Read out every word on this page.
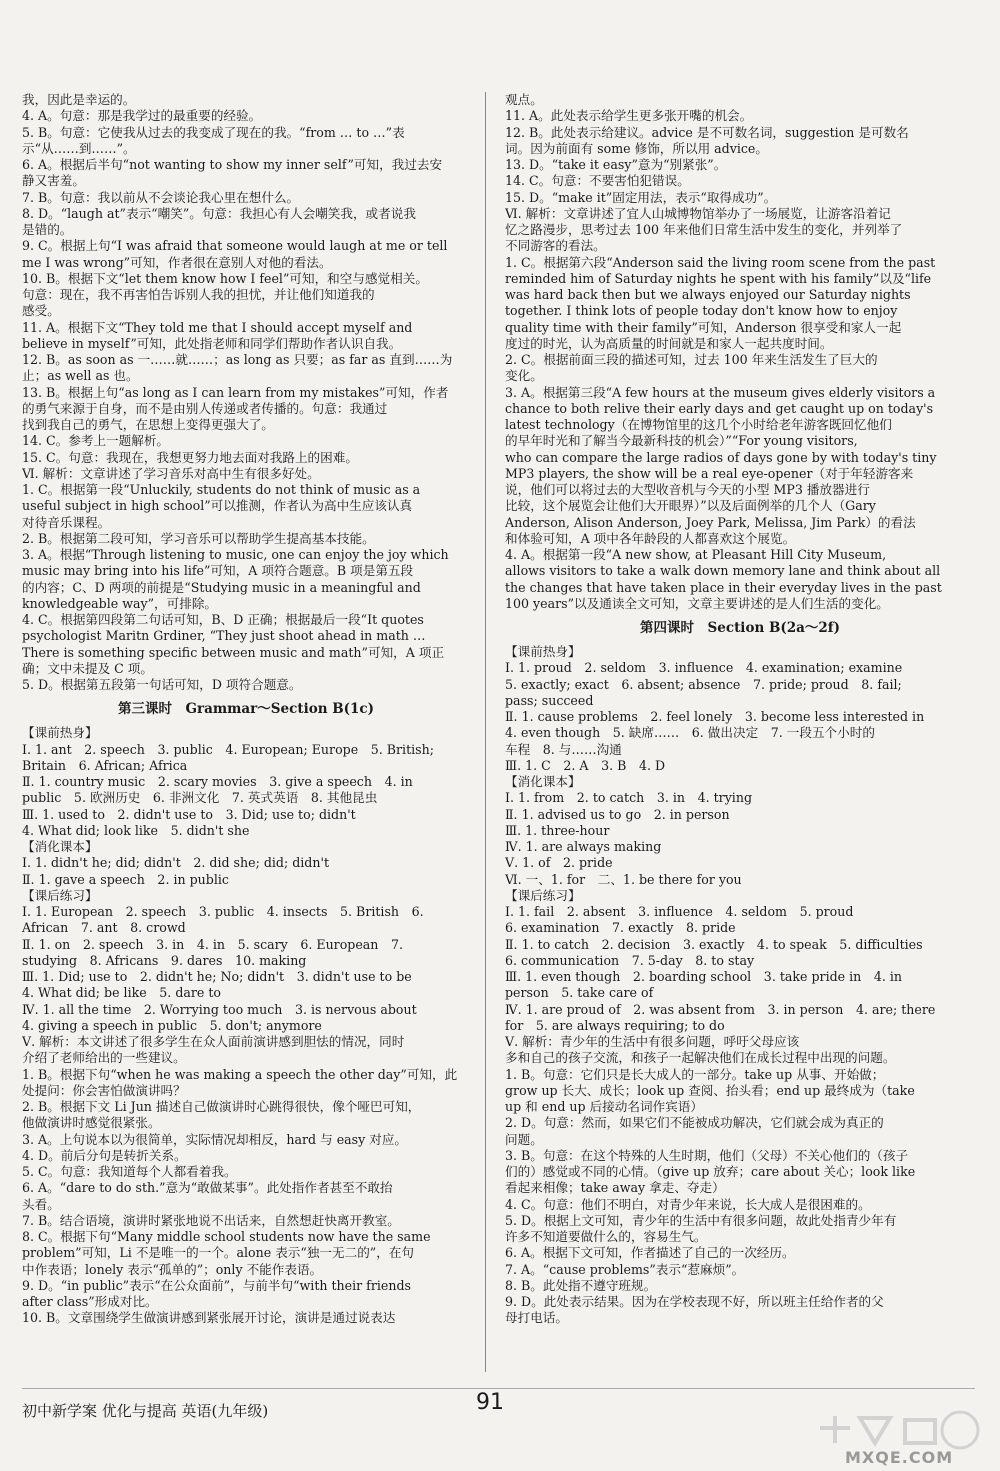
我，因此是幸运的。
4. A。句意：那是我学过的最重要的经验。
5. B。句意：它使我从过去的我变成了现在的我。“from … to …”表
示“从……到……”。
6. A。根据后半句“not wanting to show my inner self”可知，我过去安
静又害羞。
7. B。句意：我以前从不会谈论我心里在想什么。
8. D。“laugh at”表示“嘲笑”。句意：我担心有人会嘲笑我，或者说我
是错的。
9. C。根据上句“I was afraid that someone would laugh at me or tell
me I was wrong”可知，作者很在意别人对他的看法。
10. B。根据下文“let them know how I feel”可知，和空与感觉相关。
句意：现在，我不再害怕告诉别人我的担忧，并让他们知道我的
感受。
11. A。根据下文“They told me that I should accept myself and
believe in myself”可知，此处指老师和同学们帮助作者认识自我。
12. B。as soon as 一……就……；as long as 只要；as far as 直到……为
止；as well as 也。
13. B。根据上句“as long as I can learn from my mistakes”可知，作者
的勇气来源于自身，而不是由别人传递或者传播的。句意：我通过
找到我自己的勇气，在思想上变得更强大了。
14. C。参考上一题解析。
15. C。句意：我现在，我想更努力地去面对我路上的困难。
Ⅵ. 解析：文章讲述了学习音乐对高中生有很多好处。
1. C。根据第一段“Unluckily, students do not think of music as a
useful subject in high school”可以推测，作者认为高中生应该认真
对待音乐课程。
2. B。根据第二段可知，学习音乐可以帮助学生提高基本技能。
3. A。根据“Through listening to music, one can enjoy the joy which
music may bring into his life”可知，A 项符合题意。B 项是第五段
的内容；C、D 两项的前提是“Studying music in a meaningful and
knowledgeable way”，可排除。
4. C。根据第四段第二句话可知，B、D 正确；根据最后一段“It quotes
psychologist Maritn Grdiner, “They just shoot ahead in math …
There is something specific between music and math”可知，A 项正
确；文中未提及 C 项。
5. D。根据第五段第一句话可知，D 项符合题意。
第三课时　Grammar～Section B(1c)
【课前热身】
Ⅰ. 1. ant　2. speech　3. public　4. European; Europe　5. British;
Britain　6. African; Africa
Ⅱ. 1. country music　2. scary movies　3. give a speech　4. in
public　5. 欧洲历史　6. 非洲文化　7. 英式英语　8. 其他昆虫
Ⅲ. 1. used to　2. didn't use to　3. Did; use to; didn't
4. What did; look like　5. didn't she
【消化课本】
Ⅰ. 1. didn't he; did; didn't　2. did she; did; didn't
Ⅱ. 1. gave a speech　2. in public
【课后练习】
Ⅰ. 1. European　2. speech　3. public　4. insects　5. British　6.
African　7. ant　8. crowd
Ⅱ. 1. on　2. speech　3. in　4. in　5. scary　6. European　7.
studying　8. Africans　9. dares　10. making
Ⅲ. 1. Did; use to　2. didn't he; No; didn't　3. didn't use to be
4. What did; be like　5. dare to
Ⅳ. 1. all the time　2. Worrying too much　3. is nervous about
4. giving a speech in public　5. don't; anymore
Ⅴ. 解析：本文讲述了很多学生在众人面前演讲感到胆怯的情况，同时
介绍了老师给出的一些建议。
1. B。根据下句“when he was making a speech the other day”可知，此
处提问：你会害怕做演讲吗？
2. B。根据下文 Li Jun 描述自己做演讲时心跳得很快，像个哑巴可知，
他做演讲时感觉很紧张。
3. A。上句说本以为很简单，实际情况却相反，hard 与 easy 对应。
4. D。前后分句是转折关系。
5. C。句意：我知道每个人都看着我。
6. A。“dare to do sth.”意为“敢做某事”。此处指作者甚至不敢抬
头看。
7. B。结合语境，演讲时紧张地说不出话来，自然想赶快离开教室。
8. C。根据下句“Many middle school students now have the same
problem”可知，Li 不是唯一的一个。alone 表示“独一无二的”，在句
中作表语；lonely 表示“孤单的”；only 不能作表语。
9. D。“in public”表示“在公众面前”，与前半句“with their friends
after class”形成对比。
10. B。文章围绕学生做演讲感到紧张展开讨论，演讲是通过说表达
观点。
11. A。此处表示给学生更多张开嘴的机会。
12. B。此处表示给建议。advice 是不可数名词，suggestion 是可数名
词。因为前面有 some 修饰，所以用 advice。
13. D。“take it easy”意为“别紧张”。
14. C。句意：不要害怕犯错误。
15. D。“make it”固定用法，表示“取得成功”。
Ⅵ. 解析：文章讲述了宜人山城博物馆举办了一场展览，让游客沿着记
忆之路漫步，思考过去 100 年来他们日常生活中发生的变化，并列举了
不同游客的看法。
1. C。根据第六段“Anderson said the living room scene from the past
reminded him of Saturday nights he spent with his family”以及“life
was hard back then but we always enjoyed our Saturday nights
together. I think lots of people today don't know how to enjoy
quality time with their family”可知，Anderson 很享受和家人一起
度过的时光，认为高质量的时间就是和家人一起共度时间。
2. C。根据前面三段的描述可知，过去 100 年来生活发生了巨大的
变化。
3. A。根据第三段“A few hours at the museum gives elderly visitors a
chance to both relive their early days and get caught up on today's
latest technology（在博物馆里的这几个小时给老年游客既回忆他们
的早年时光和了解当今最新科技的机会）”“For young visitors,
who can compare the large radios of days gone by with today's tiny
MP3 players, the show will be a real eye-opener（对于年轻游客来
说，他们可以将过去的大型收音机与今天的小型 MP3 播放器进行
比较，这个展览会让他们大开眼界）”以及后面例举的几个人（Gary
Anderson, Alison Anderson, Joey Park, Melissa, Jim Park）的看法
和体验可知，A 项中各年龄段的人都喜欢这个展览。
4. A。根据第一段“A new show, at Pleasant Hill City Museum,
allows visitors to take a walk down memory lane and think about all
the changes that have taken place in their everyday lives in the past
100 years”以及通读全文可知，文章主要讲述的是人们生活的变化。
第四课时　Section B(2a～2f)
【课前热身】
Ⅰ. 1. proud　2. seldom　3. influence　4. examination; examine
5. exactly; exact　6. absent; absence　7. pride; proud　8. fail;
pass; succeed
Ⅱ. 1. cause problems　2. feel lonely　3. become less interested in
4. even though　5. 缺席……　6. 做出决定　7. 一段五个小时的
车程　8. 与……沟通
Ⅲ. 1. C　2. A　3. B　4. D
【消化课本】
Ⅰ. 1. from　2. to catch　3. in　4. trying
Ⅱ. 1. advised us to go　2. in person
Ⅲ. 1. three-hour
Ⅳ. 1. are always making
Ⅴ. 1. of　2. pride
Ⅵ. 一、1. for　二、1. be there for you
【课后练习】
Ⅰ. 1. fail　2. absent　3. influence　4. seldom　5. proud
6. examination　7. exactly　8. pride
Ⅱ. 1. to catch　2. decision　3. exactly　4. to speak　5. difficulties
6. communication　7. 5-day　8. to stay
Ⅲ. 1. even though　2. boarding school　3. take pride in　4. in
person　5. take care of
Ⅳ. 1. are proud of　2. was absent from　3. in person　4. are; there
for　5. are always requiring; to do
Ⅴ. 解析：青少年的生活中有很多问题，呼吁父母应该
多和自己的孩子交流，和孩子一起解决他们在成长过程中出现的问题。
1. B。句意：它们只是长大成人的一部分。take up 从事、开始做；
grow up 长大、成长；look up 查阅、抬头看；end up 最终成为（take
up 和 end up 后接动名词作宾语）
2. D。句意：然而，如果它们不能被成功解决，它们就会成为真正的
问题。
3. B。句意：在这个特殊的人生时期，他们（父母）不关心他们的（孩子
们的）感觉或不同的心情。（give up 放弃；care about 关心；look like
看起来相像；take away 拿走、夺走）
4. C。句意：他们不明白，对青少年来说，长大成人是很困难的。
5. D。根据上文可知，青少年的生活中有很多问题，故此处指青少年有
许多不知道要做什么的，容易生气。
6. A。根据下文可知，作者描述了自己的一次经历。
7. A。“cause problems”表示“惹麻烦”。
8. B。此处指不遵守班规。
9. D。此处表示结果。因为在学校表现不好，所以班主任给作者的父
母打电话。
初中新学案 优化与提高 英语(九年级)	91
MXQE.COM
